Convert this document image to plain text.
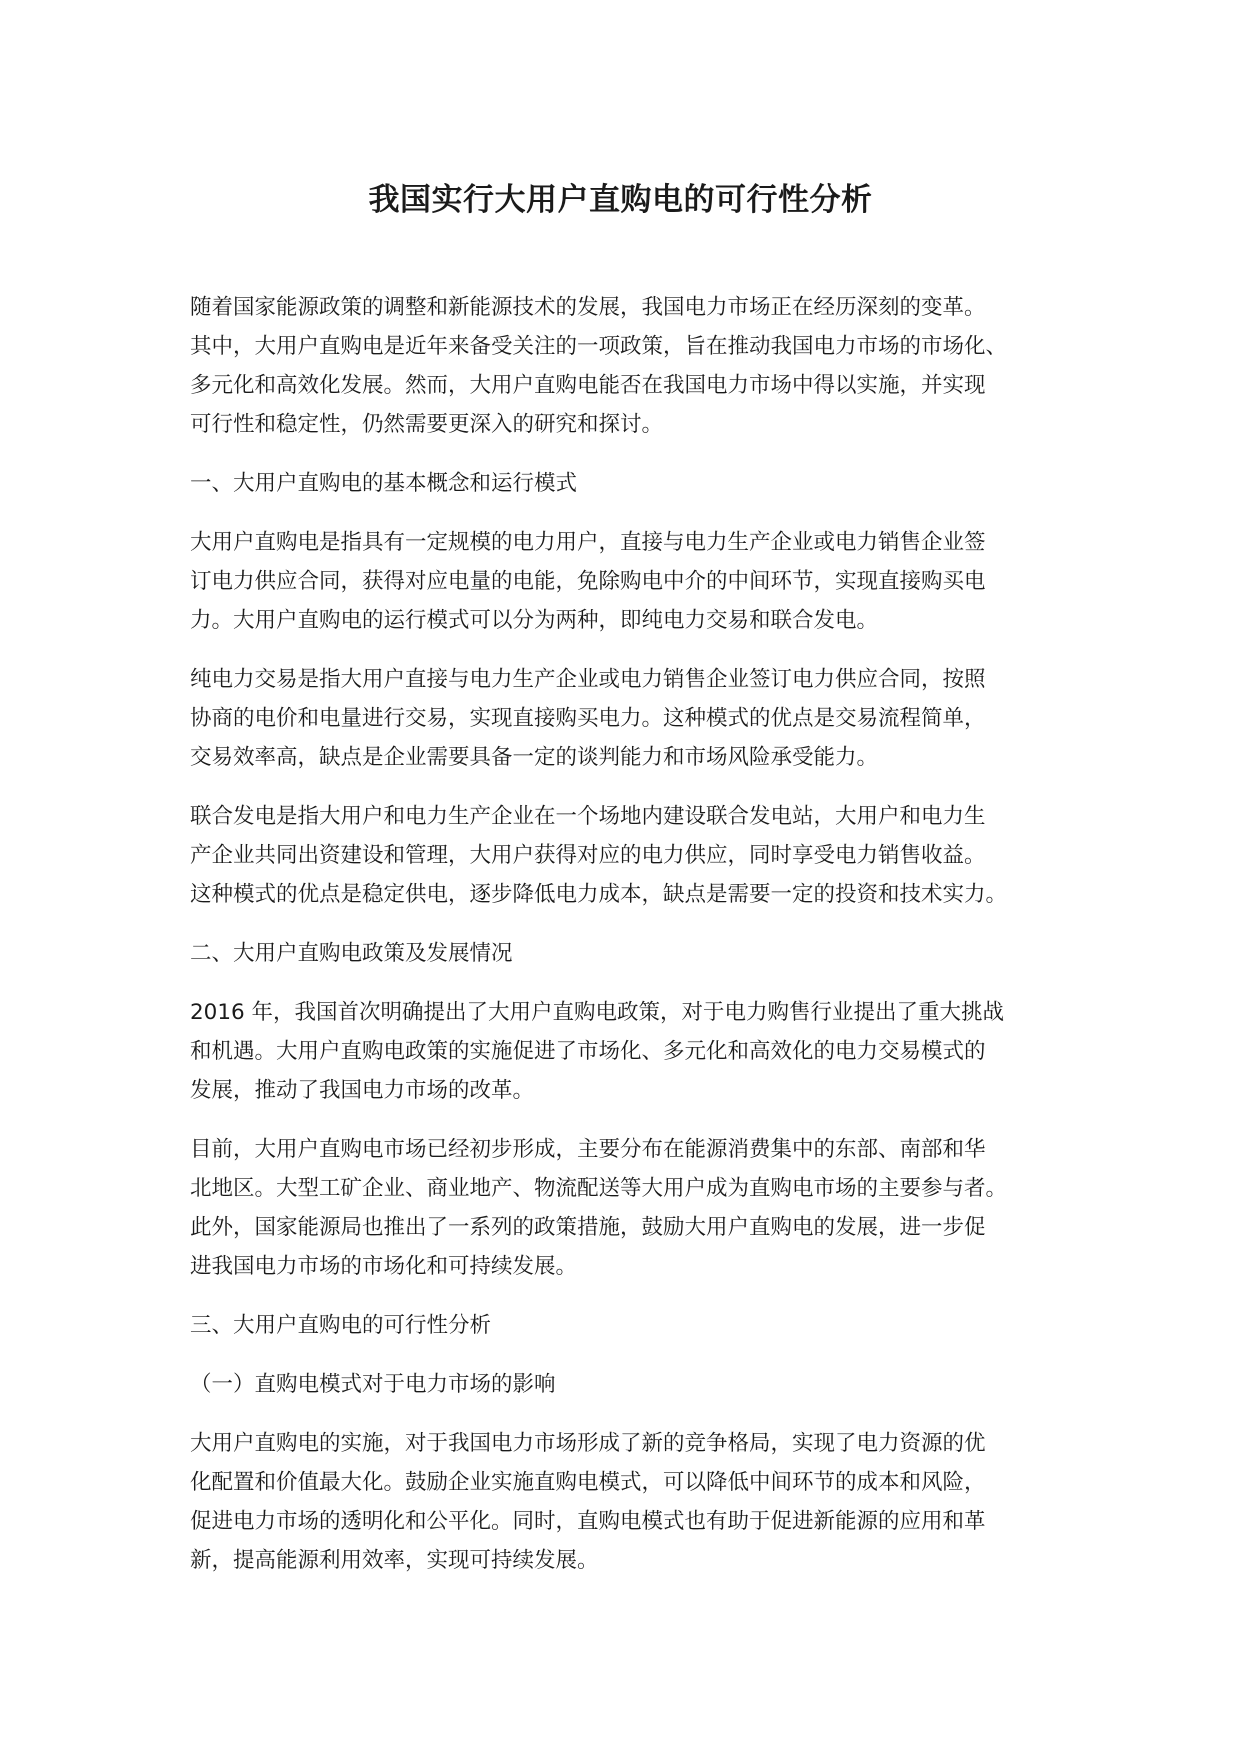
我国实行大用户直购电的可行性分析
随着国家能源政策的调整和新能源技术的发展，我国电力市场正在经历深刻的变革。
其中，大用户直购电是近年来备受关注的一项政策，旨在推动我国电力市场的市场化、
多元化和高效化发展。然而，大用户直购电能否在我国电力市场中得以实施，并实现
可行性和稳定性，仍然需要更深入的研究和探讨。
一、大用户直购电的基本概念和运行模式
大用户直购电是指具有一定规模的电力用户，直接与电力生产企业或电力销售企业签
订电力供应合同，获得对应电量的电能，免除购电中介的中间环节，实现直接购买电
力。大用户直购电的运行模式可以分为两种，即纯电力交易和联合发电。
纯电力交易是指大用户直接与电力生产企业或电力销售企业签订电力供应合同，按照
协商的电价和电量进行交易，实现直接购买电力。这种模式的优点是交易流程简单，
交易效率高，缺点是企业需要具备一定的谈判能力和市场风险承受能力。
联合发电是指大用户和电力生产企业在一个场地内建设联合发电站，大用户和电力生
产企业共同出资建设和管理，大用户获得对应的电力供应，同时享受电力销售收益。
这种模式的优点是稳定供电，逐步降低电力成本，缺点是需要一定的投资和技术实力。
二、大用户直购电政策及发展情况
2016 年，我国首次明确提出了大用户直购电政策，对于电力购售行业提出了重大挑战
和机遇。大用户直购电政策的实施促进了市场化、多元化和高效化的电力交易模式的
发展，推动了我国电力市场的改革。
目前，大用户直购电市场已经初步形成，主要分布在能源消费集中的东部、南部和华
北地区。大型工矿企业、商业地产、物流配送等大用户成为直购电市场的主要参与者。
此外，国家能源局也推出了一系列的政策措施，鼓励大用户直购电的发展，进一步促
进我国电力市场的市场化和可持续发展。
三、大用户直购电的可行性分析
（一）直购电模式对于电力市场的影响
大用户直购电的实施，对于我国电力市场形成了新的竞争格局，实现了电力资源的优
化配置和价值最大化。鼓励企业实施直购电模式，可以降低中间环节的成本和风险，
促进电力市场的透明化和公平化。同时，直购电模式也有助于促进新能源的应用和革
新，提高能源利用效率，实现可持续发展。
